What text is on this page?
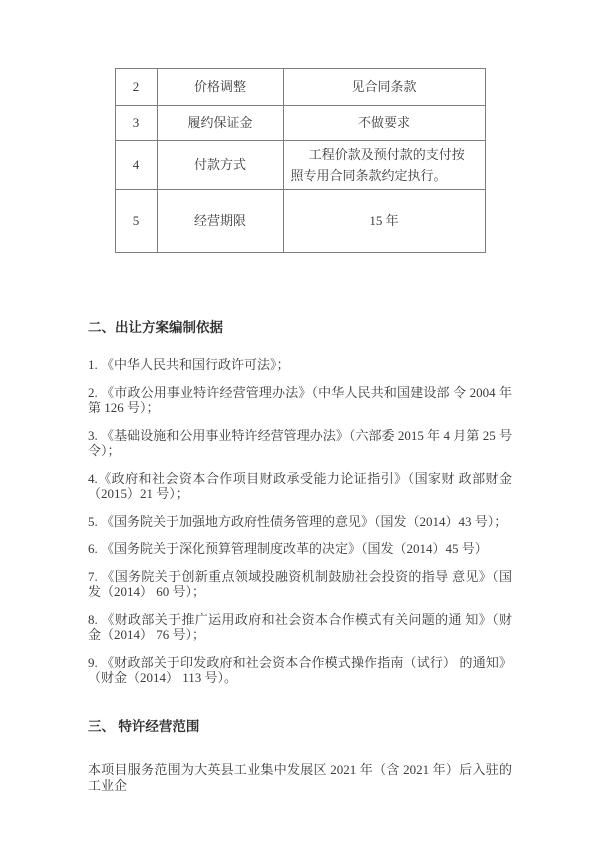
2	价格调整	见合同条款
3	履约保证金	不做要求
4	付款方式	工程价款及预付款的支付按照专用合同条款约定执行。
5	经营期限	15 年
二、出让方案编制依据

1. 《中华人民共和国行政许可法》；

2. 《市政公用事业特许经营管理办法》（中华人民共和国建设部 令 2004 年第 126 号）；

3. 《基础设施和公用事业特许经营管理办法》（六部委 2015 年 4 月第 25 号 令）；

4.《政府和社会资本合作项目财政承受能力论证指引》（国家财 政部财金（2015）21 号）；

5. 《国务院关于加强地方政府性债务管理的意见》（国发（2014）43 号）；

6. 《国务院关于深化预算管理制度改革的决定》（国发（2014）45 号）

7. 《国务院关于创新重点领域投融资机制鼓励社会投资的指导 意见》（国发（2014） 60 号）；

8. 《财政部关于推广运用政府和社会资本合作模式有关问题的通 知》（财金（2014） 76 号）；

9. 《财政部关于印发政府和社会资本合作模式操作指南（试行） 的通知》（财金（2014） 113 号）。

三、 特许经营范围

本项目服务范围为大英县工业集中发展区 2021 年（含 2021 年）后入驻的工业企
